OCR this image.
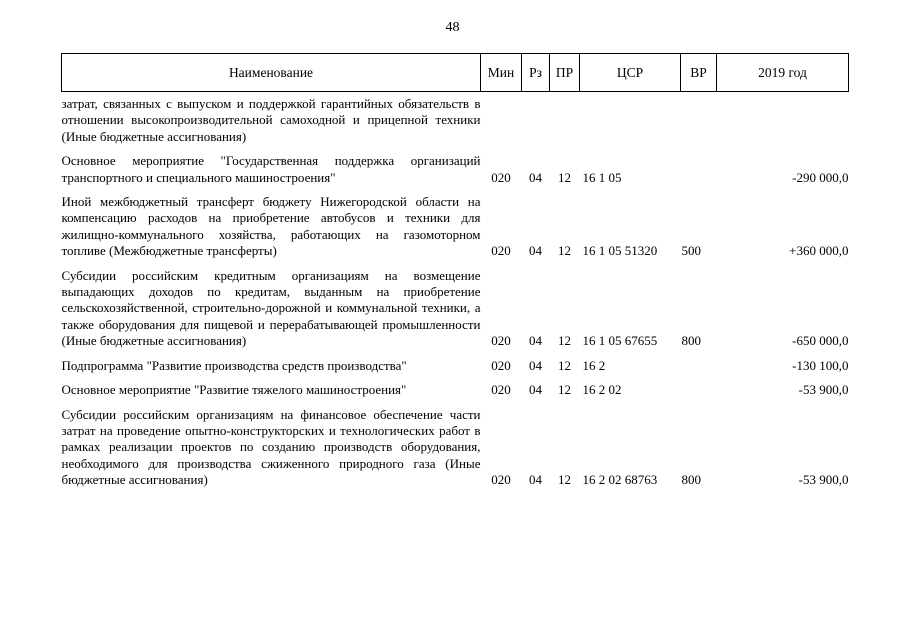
48
Наименование	Мин	Рз	ПР	ЦСР	ВР	2019 год
затрат, связанных с выпуском и поддержкой гарантийных обязательств в отношении высокопроизводительной самоходной и прицепной техники (Иные бюджетные ассигнования)						
Основное мероприятие "Государственная поддержка организаций транспортного и специального машиностроения"	020	04	12	16 1 05		-290 000,0
Иной межбюджетный трансферт бюджету Нижегородской области на компенсацию расходов на приобретение автобусов и техники для жилищно-коммунального хозяйства, работающих на газомоторном топливе (Межбюджетные трансферты)	020	04	12	16 1 05 51320	500	+360 000,0
Субсидии российским кредитным организациям на возмещение выпадающих доходов по кредитам, выданным на приобретение сельскохозяйственной, строительно-дорожной и коммунальной техники, а также оборудования для пищевой и перерабатывающей промышленности (Иные бюджетные ассигнования)	020	04	12	16 1 05 67655	800	-650 000,0
Подпрограмма "Развитие производства средств производства"	020	04	12	16 2		-130 100,0
Основное мероприятие "Развитие тяжелого машиностроения"	020	04	12	16 2 02		-53 900,0
Субсидии российским организациям на финансовое обеспечение части затрат на проведение опытно-конструкторских и технологических работ в рамках реализации проектов по созданию производств оборудования, необходимого для производства сжиженного природного газа (Иные бюджетные ассигнования)	020	04	12	16 2 02 68763	800	-53 900,0
